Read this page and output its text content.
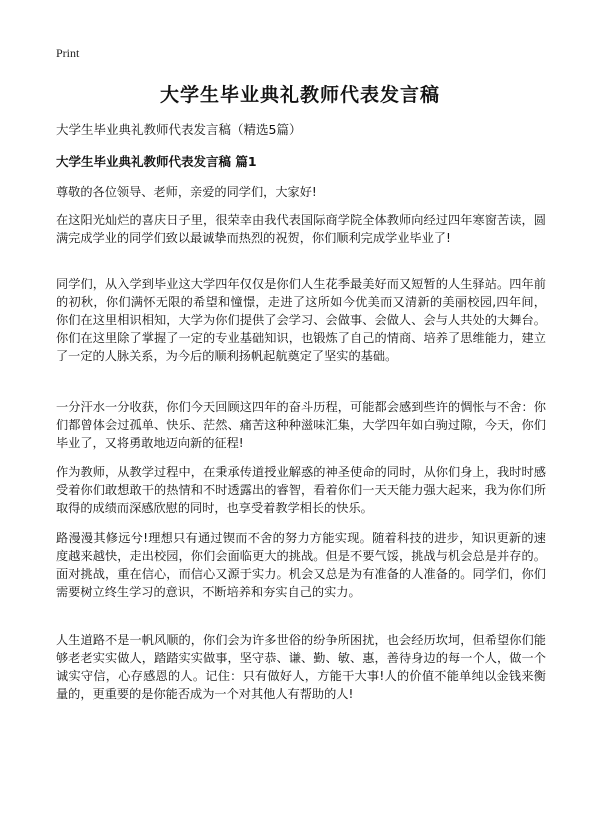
Print
大学生毕业典礼教师代表发言稿

大学生毕业典礼教师代表发言稿（精选5篇）

大学生毕业典礼教师代表发言稿 篇1

尊敬的各位领导、老师，亲爱的同学们，大家好!

在这阳光灿烂的喜庆日子里，很荣幸由我代表国际商学院全体教师向经过四年寒窗苦读，圆满完成学业的同学们致以最诚挚而热烈的祝贺，你们顺利完成学业毕业了!

同学们，从入学到毕业这大学四年仅仅是你们人生花季最美好而又短暂的人生驿站。四年前的初秋，你们满怀无限的希望和憧憬，走进了这所如今优美而又清新的美丽校园,四年间，你们在这里相识相知，大学为你们提供了会学习、会做事、会做人、会与人共处的大舞台。你们在这里除了掌握了一定的专业基础知识，也锻炼了自己的情商、培养了思维能力，建立了一定的人脉关系，为今后的顺利扬帆起航奠定了坚实的基础。

一分汗水一分收获，你们今天回顾这四年的奋斗历程，可能都会感到些许的惆怅与不舍：你们都曾体会过孤单、快乐、茫然、痛苦这种种滋味汇集，大学四年如白驹过隙，今天，你们毕业了，又将勇敢地迈向新的征程!

作为教师，从教学过程中，在秉承传道授业解惑的神圣使命的同时，从你们身上，我时时感受着你们敢想敢干的热情和不时透露出的睿智，看着你们一天天能力强大起来，我为你们所取得的成绩而深感欣慰的同时，也享受着教学相长的快乐。

路漫漫其修远兮!理想只有通过锲而不舍的努力方能实现。随着科技的进步，知识更新的速度越来越快，走出校园，你们会面临更大的挑战。但是不要气馁，挑战与机会总是并存的。面对挑战，重在信心，而信心又源于实力。机会又总是为有准备的人准备的。同学们，你们需要树立终生学习的意识，不断培养和夯实自己的实力。

人生道路不是一帆风顺的，你们会为许多世俗的纷争所困扰，也会经历坎坷，但希望你们能够老老实实做人，踏踏实实做事，坚守恭、谦、勤、敏、惠，善待身边的每一个人，做一个诚实守信，心存感恩的人。记住：只有做好人，方能干大事!人的价值不能单纯以金钱来衡量的，更重要的是你能否成为一个对其他人有帮助的人!
